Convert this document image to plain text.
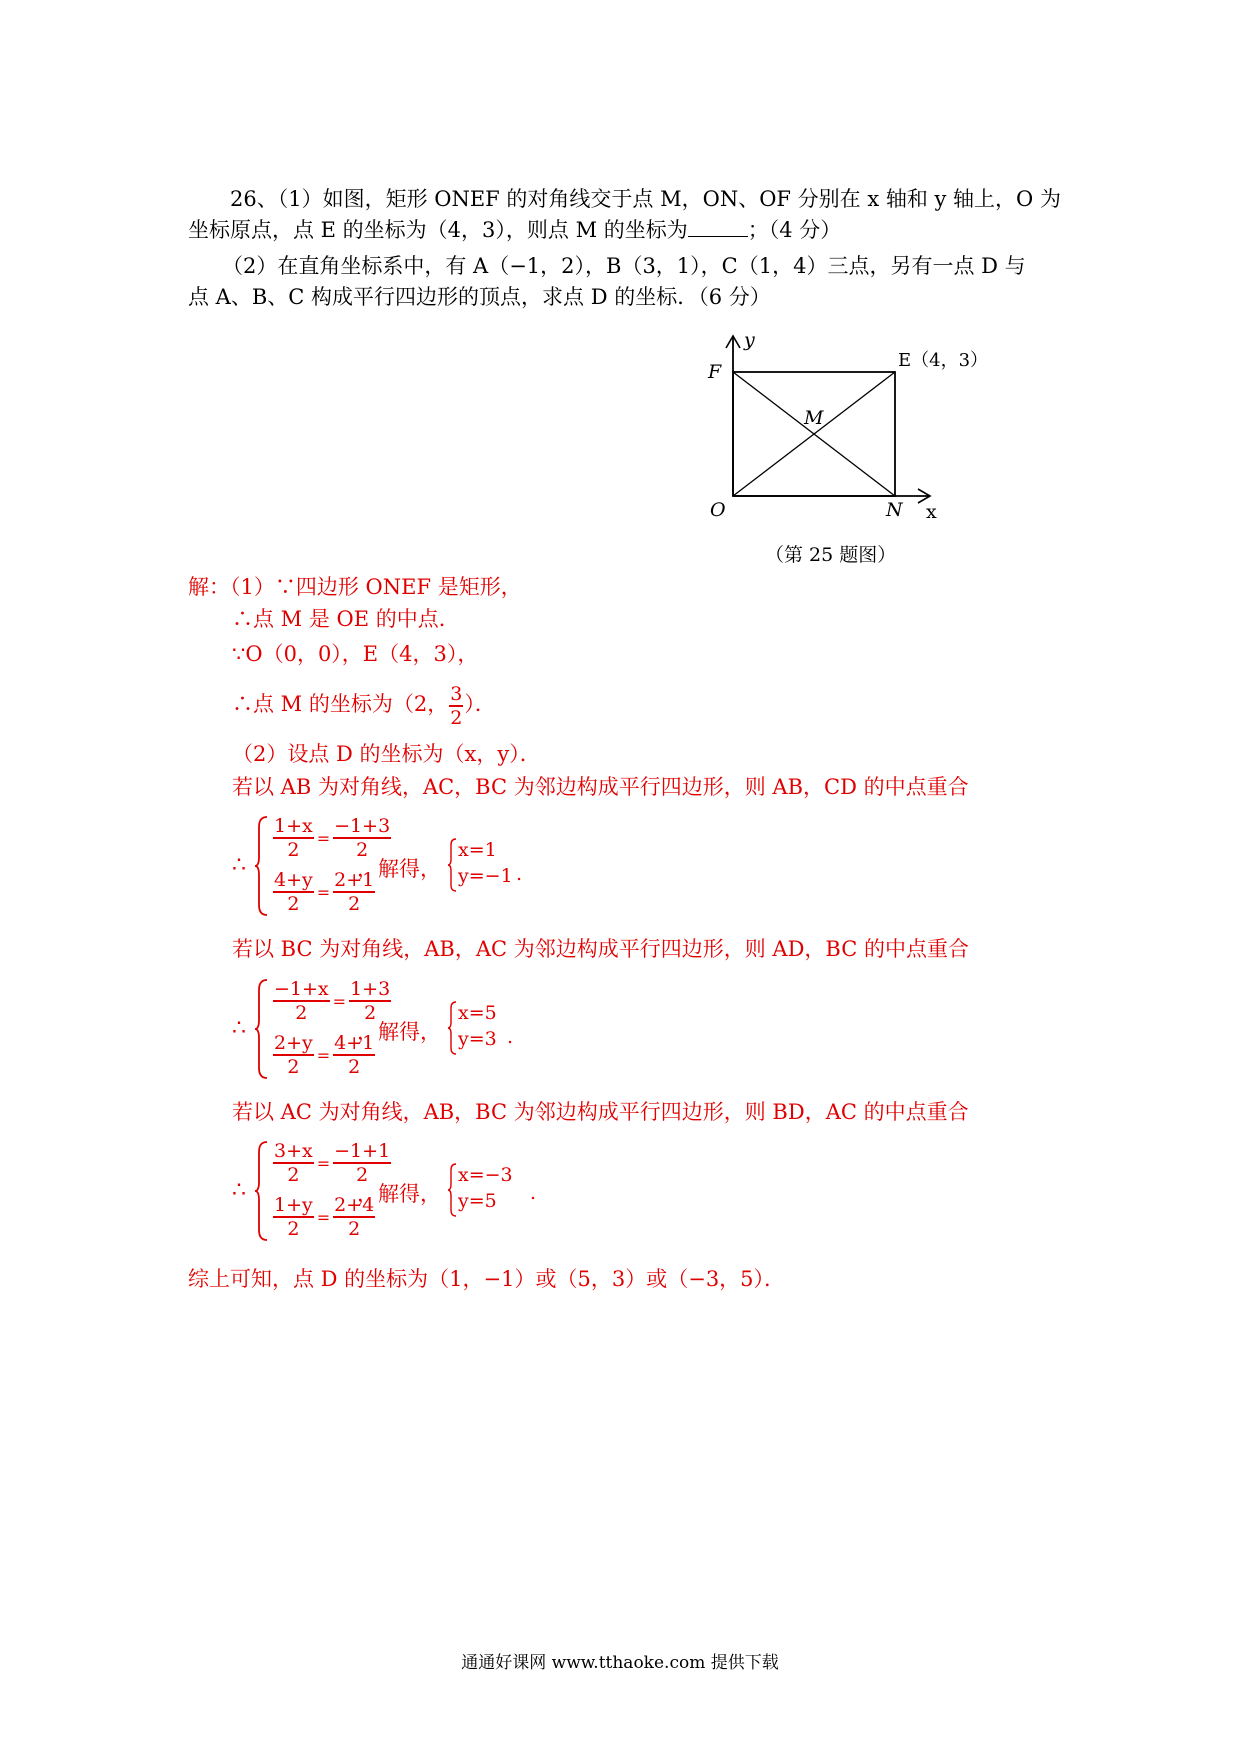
26、（1）如图，矩形 ONEF 的对角线交于点 M，ON、OF 分别在 x 轴和 y 轴上，O 为
坐标原点，点 E 的坐标为（4，3），则点 M 的坐标为	；（4 分）
（2）在直角坐标系中，有 A（−1，2），B（3，1），C（1，4）三点，另有一点 D 与
点 A、B、C 构成平行四边形的顶点，求点 D 的坐标．（6 分）
y
F
E（4，3）
M
O	N x
（第 25 题图）
解：（1）∵四边形 ONEF 是矩形，
∴点 M 是 OE 的中点．
∵O（0，0），E（4，3），
∴点 M 的坐标为（2， $\frac{3}{2}$ ）．
（2）设点 D 的坐标为（x，y）．
若以 AB 为对角线，AC，BC 为邻边构成平行四边形，则 AB，CD 的中点重合
∴
$\frac{1+x}{2} = \frac{-1+3}{2}$
$\frac{4+y}{2} = \frac{2+1}{2}$
，解得，
x=1
y=−1 .
若以 BC 为对角线，AB，AC 为邻边构成平行四边形，则 AD，BC 的中点重合
∴
$\frac{-1+x}{2} = \frac{1+3}{2}$
$\frac{2+y}{2} = \frac{4+1}{2}$
，解得，
x=5
y=3 .
若以 AC 为对角线，AB，BC 为邻边构成平行四边形，则 BD，AC 的中点重合
∴
$\frac{3+x}{2} = \frac{-1+1}{2}$
$\frac{1+y}{2} = \frac{2+4}{2}$
，解得，
x=−3
y=5 .
综上可知，点 D 的坐标为（1，−1）或（5，3）或（−3，5）．
通通好课网 www.tthaoke.com 提供下载
